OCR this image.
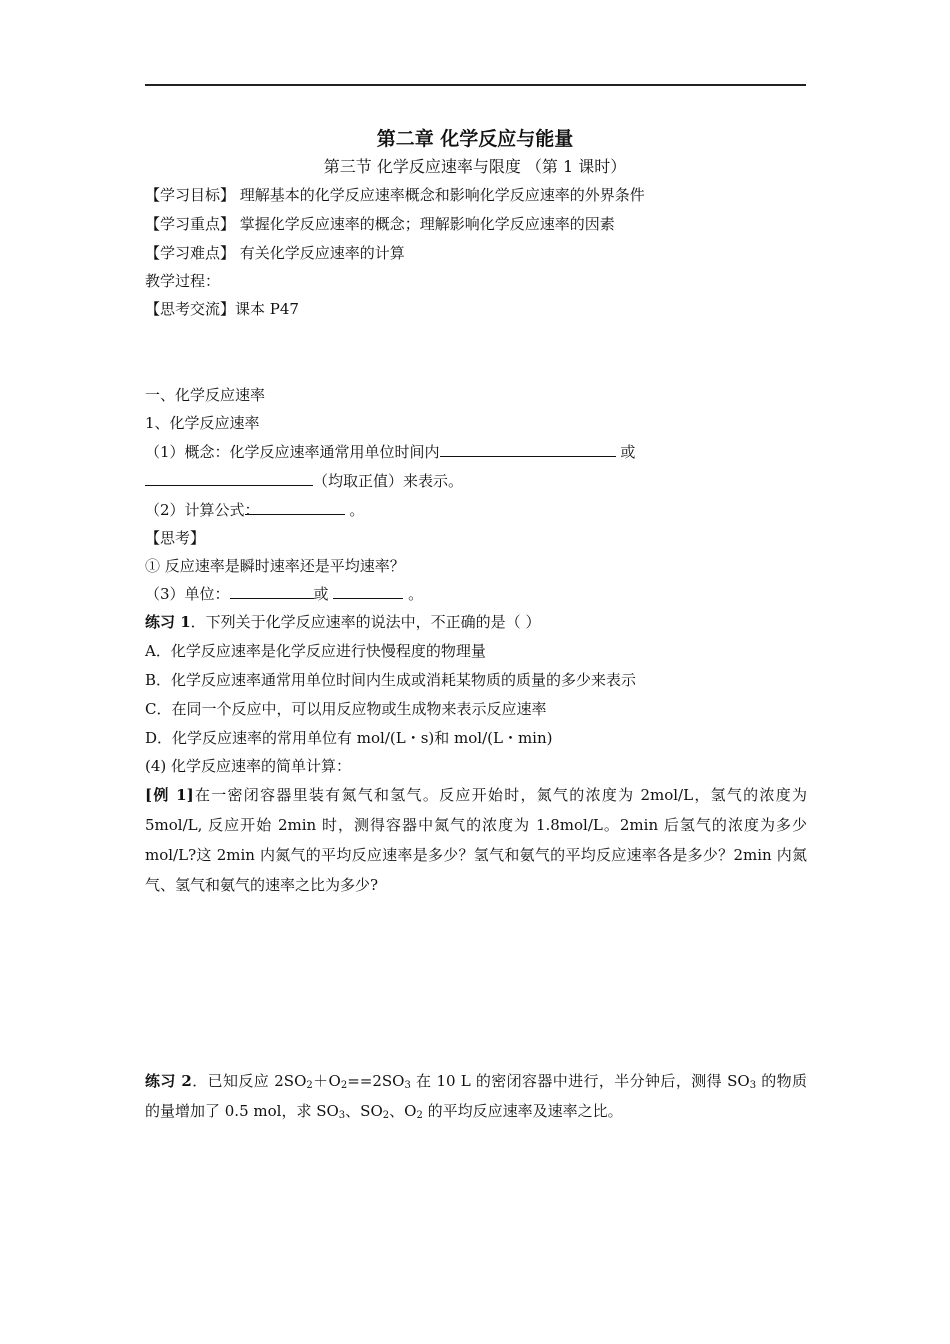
第二章 化学反应与能量
第三节 化学反应速率与限度 （第 1 课时）
【学习目标】 理解基本的化学反应速率概念和影响化学反应速率的外界条件
【学习重点】 掌握化学反应速率的概念；理解影响化学反应速率的因素
【学习难点】 有关化学反应速率的计算
教学过程：
【思考交流】课本 P47
一、化学反应速率
1、化学反应速率
（1）概念：化学反应速率通常用单位时间内	或
（均取正值）来表示。
（2）计算公式：	。
【思考】
① 反应速率是瞬时速率还是平均速率？
（3）单位：	或	。
练习 1．下列关于化学反应速率的说法中，不正确的是（ ）
A．化学反应速率是化学反应进行快慢程度的物理量
B．化学反应速率通常用单位时间内生成或消耗某物质的质量的多少来表示
C．在同一个反应中，可以用反应物或生成物来表示反应速率
D．化学反应速率的常用单位有 mol/(L・s)和 mol/(L・min)
(4) 化学反应速率的简单计算：
[例 1]在一密闭容器里装有氮气和氢气。反应开始时，氮气的浓度为 2mol/L，氢气的浓度为 5mol/L, 反应开始 2min 时，测得容器中氮气的浓度为 1.8mol/L。2min 后氢气的浓度为多少 mol/L?这 2min 内氮气的平均反应速率是多少？氢气和氨气的平均反应速率各是多少？2min 内氮气、氢气和氨气的速率之比为多少?
练习 2．已知反应 $2SO_2+O_2==2SO_3$ 在 10 L 的密闭容器中进行，半分钟后，测得 $SO_3$ 的物质的量增加了 0.5 mol，求 $SO_3$、$SO_2$、$O_2$ 的平均反应速率及速率之比。
